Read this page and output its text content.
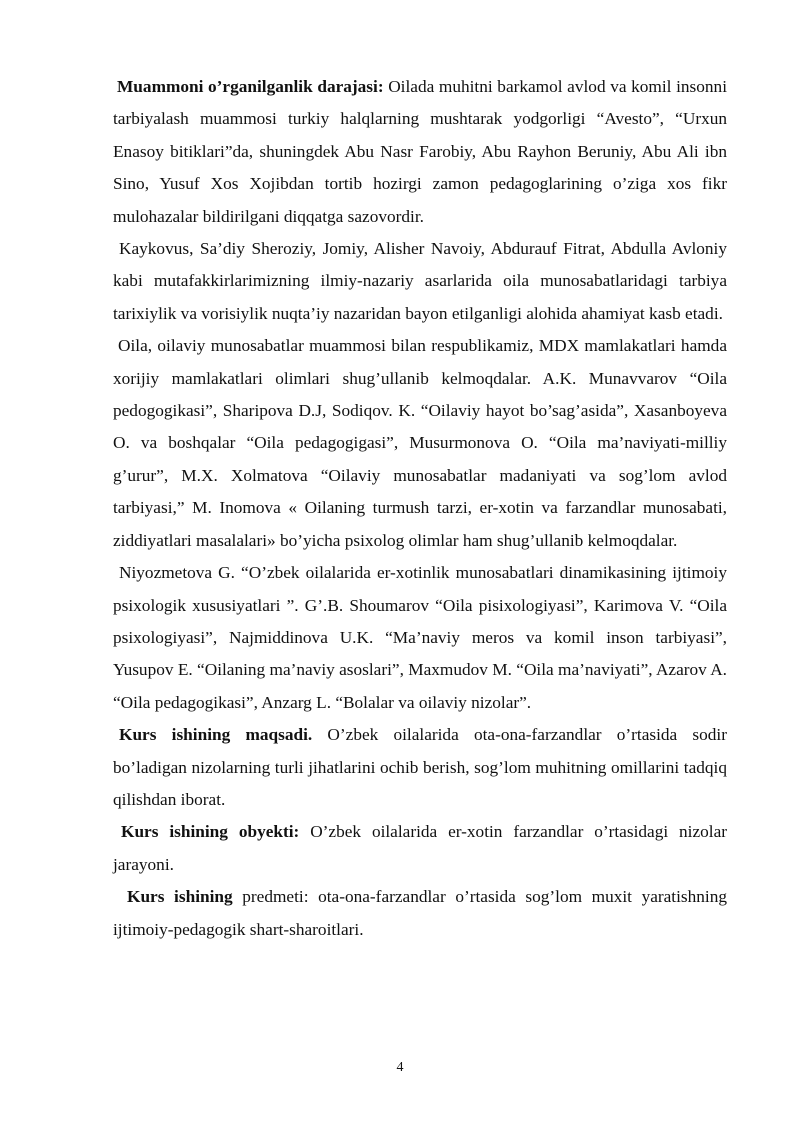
Muammoni o’rganilganlik darajasi: Oilada muhitni barkamol avlod va komil insonni tarbiyalash muammosi turkiy halqlarning mushtarak yodgorligi “Avesto”, “Urxun Enasoy bitiklari”da, shuningdek Abu Nasr Farobiy, Abu Rayhon Beruniy, Abu Ali ibn Sino, Yusuf Xos Xojibdan tortib hozirgi zamon pedagoglarining o’ziga xos fikr mulohazalar bildirilgani diqqatga sazovordir.

Kaykovus, Sa’diy Sheroziy, Jomiy, Alisher Navoiy, Abdurauf Fitrat, Abdulla Avloniy kabi mutafakkirlarimizning ilmiy-nazariy asarlarida oila munosabatlaridagi tarbiya tarixiylik va vorisiylik nuqta’iy nazaridan bayon etilganligi alohida ahamiyat kasb etadi.

Oila, oilaviy munosabatlar muammosi bilan respublikamiz, MDX mamlakatlari hamda xorijiy mamlakatlari olimlari shug’ullanib kelmoqdalar. A.K. Munavvarov “Oila pedogogikasi”, Sharipova D.J, Sodiqov. K. “Oilaviy hayot bo’sag’asida”, Xasanboyeva O. va boshqalar “Oila pedagogigasi”, Musurmonova O. “Oila ma’naviyati-milliy g’urur”, M.X. Xolmatova “Oilaviy munosabatlar madaniyati va sog’lom avlod tarbiyasi,” M. Inomova « Oilaning turmush tarzi, er-xotin va farzandlar munosabati, ziddiyatlari masalalari» bo’yicha psixolog olimlar ham shug’ullanib kelmoqdalar.

Niyozmetova G. “O’zbek oilalarida er-xotinlik munosabatlari dinamikasining ijtimoiy psixologik xususiyatlari ”. G’.B. Shoumarov “Oila pisixologiyasi”, Karimova V. “Oila psixologiyasi”, Najmiddinova U.K. “Ma’naviy meros va komil inson tarbiyasi”, Yusupov E. “Oilaning ma’naviy asoslari”, Maxmudov M. “Oila ma’naviyati”, Azarov A. “Oila pedagogikasi”, Anzarg L. “Bolalar va oilaviy nizolar”.

Kurs ishining maqsadi. O’zbek oilalarida ota-ona-farzandlar o’rtasida sodir bo’ladigan nizolarning turli jihatlarini ochib berish, sog’lom muhitning omillarini tadqiq qilishdan iborat.

Kurs ishining obyekti: O’zbek oilalarida er-xotin farzandlar o’rtasidagi nizolar jarayoni.

Kurs ishining predmeti: ota-ona-farzandlar o’rtasida sog’lom muxit yaratishning ijtimoiy-pedagogik shart-sharoitlari.

4
